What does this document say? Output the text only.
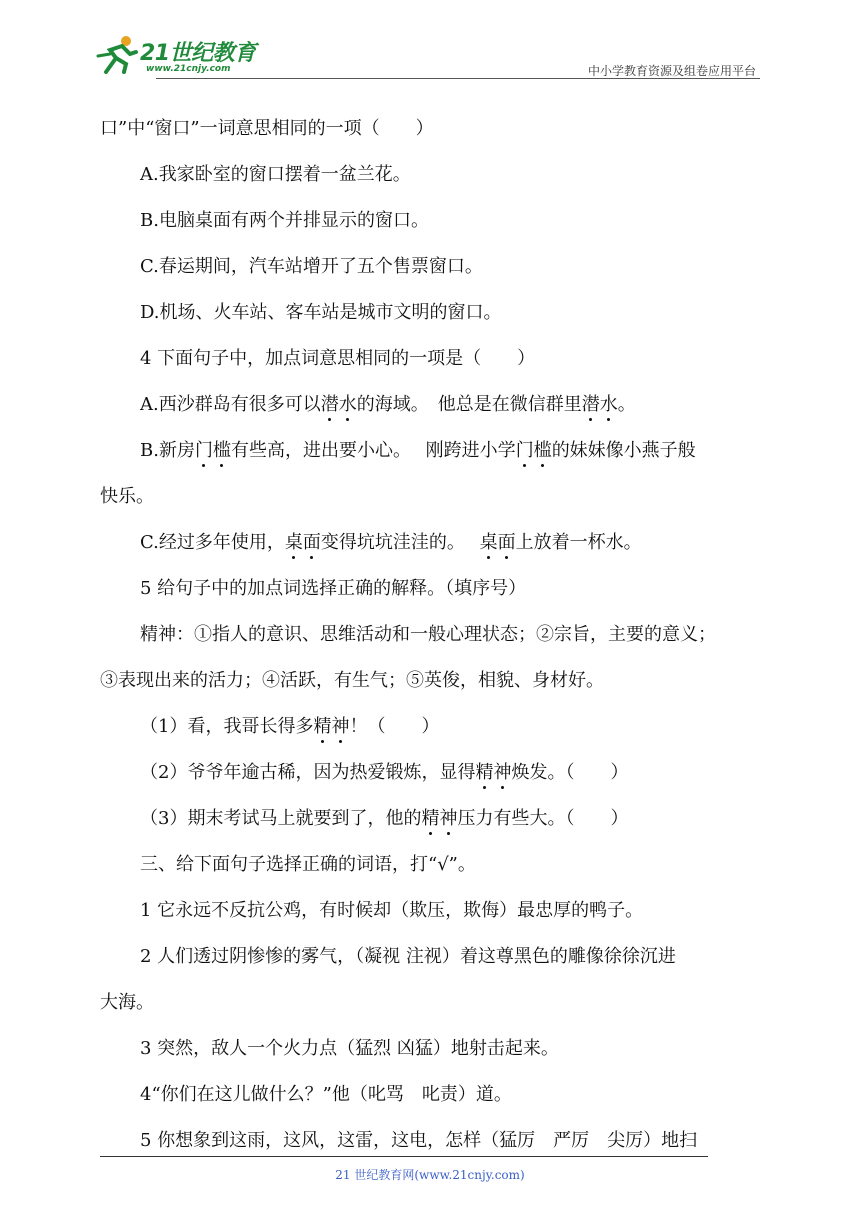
21世纪教育
www.21cnjy.com	中小学教育资源及组卷应用平台
口”中“窗口”一词意思相同的一项（　　）
A.我家卧室的窗口摆着一盆兰花。
B.电脑桌面有两个并排显示的窗口。
C.春运期间，汽车站增开了五个售票窗口。
D.机场、火车站、客车站是城市文明的窗口。
4 下面句子中，加点词意思相同的一项是（　　）
A.西沙群岛有很多可以潜水的海域。　他总是在微信群里潜水。
B.新房门槛有些高，进出要小心。　 刚跨进小学门槛的妹妹像小燕子般
快乐。
C.经过多年使用，桌面变得坑坑洼洼的。　 桌面上放着一杯水。
5 给句子中的加点词选择正确的解释。（填序号）
精神：①指人的意识、思维活动和一般心理状态；②宗旨，主要的意义；
③表现出来的活力；④活跃，有生气；⑤英俊，相貌、身材好。
（1）看，我哥长得多精神！（　　）
（2）爷爷年逾古稀，因为热爱锻炼，显得精神焕发。（　　）
（3）期末考试马上就要到了，他的精神压力有些大。（　　）
三、给下面句子选择正确的词语，打“√”。
1 它永远不反抗公鸡，有时候却（欺压，欺侮）最忠厚的鸭子。
2 人们透过阴惨惨的雾气，（凝视 注视）着这尊黑色的雕像徐徐沉进
大海。
3 突然，敌人一个火力点（猛烈 凶猛）地射击起来。
4“你们在这儿做什么？”他（叱骂　叱责）道。
5 你想象到这雨，这风，这雷，这电，怎样（猛厉　严厉　尖厉）地扫
21 世纪教育网(www.21cnjy.com)
